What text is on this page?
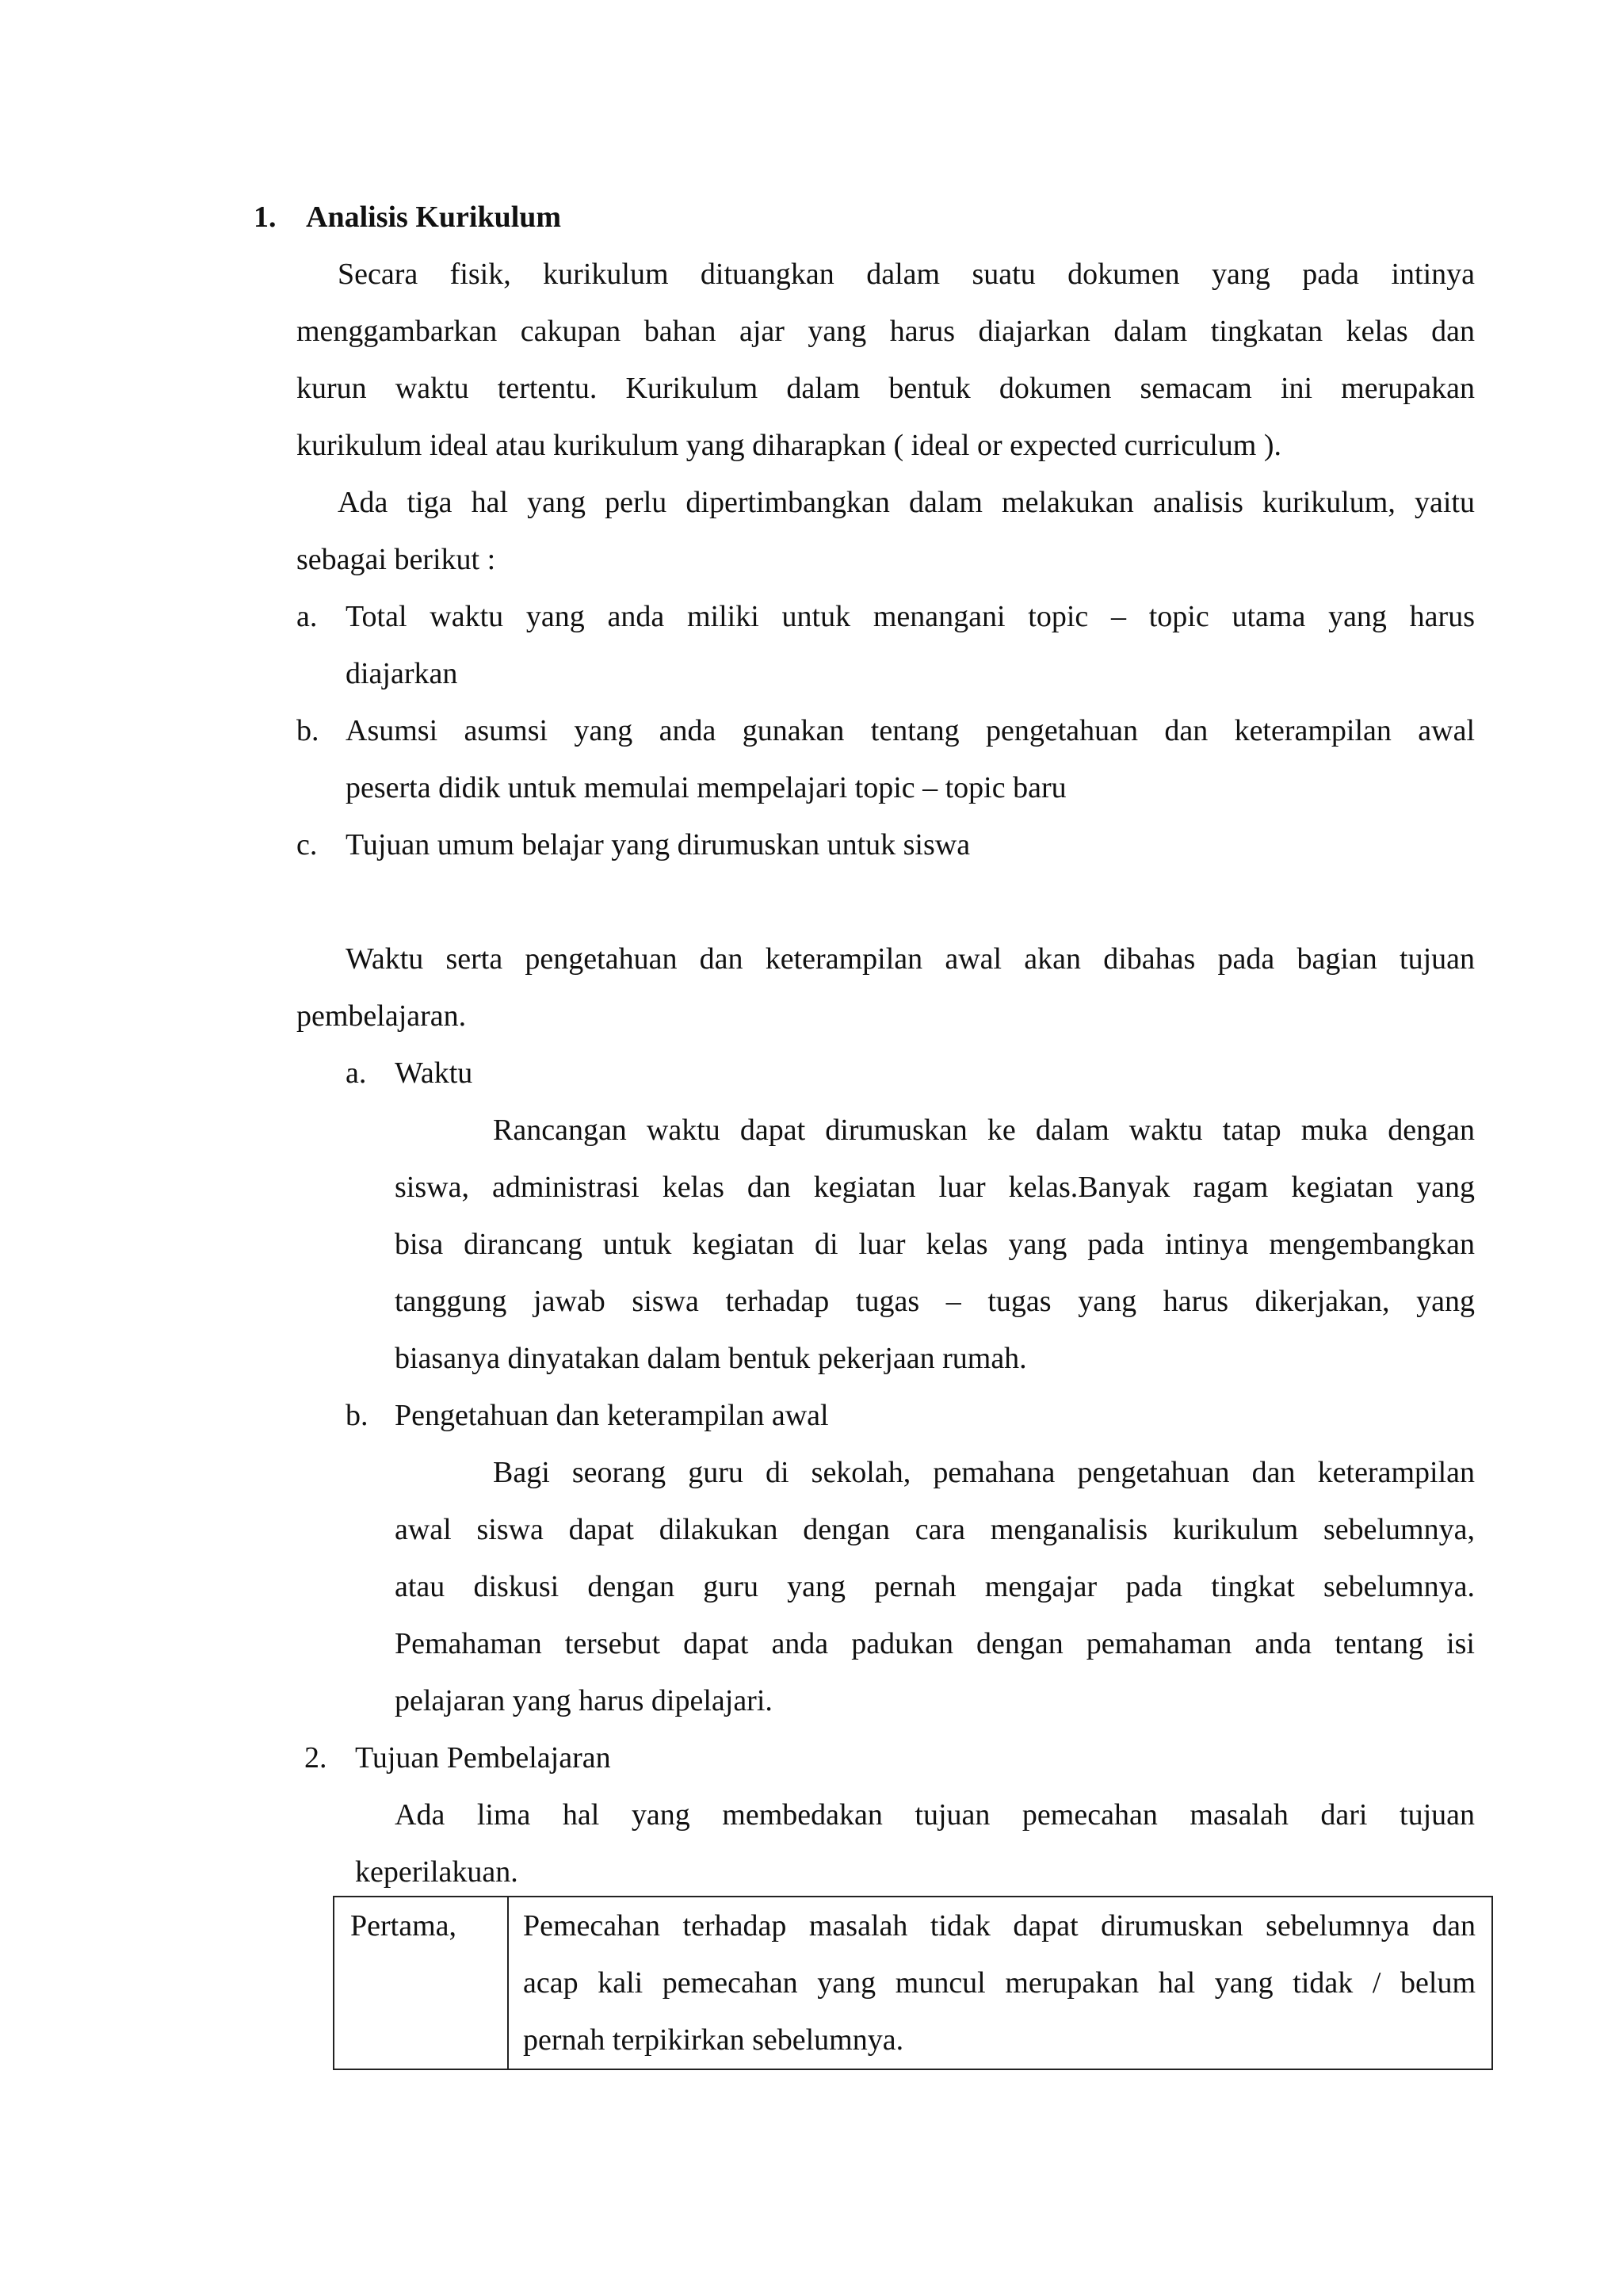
1. Analisis Kurikulum
Secara fisik, kurikulum dituangkan dalam suatu dokumen yang pada intinya
menggambarkan cakupan bahan ajar yang harus diajarkan dalam tingkatan kelas dan
kurun waktu tertentu. Kurikulum dalam bentuk dokumen semacam ini merupakan
kurikulum ideal atau kurikulum yang diharapkan ( ideal or expected curriculum ).
Ada tiga hal yang perlu dipertimbangkan dalam melakukan analisis kurikulum, yaitu
sebagai berikut :
a. Total waktu yang anda miliki untuk menangani topic – topic utama yang harus
diajarkan
b. Asumsi asumsi yang anda gunakan tentang pengetahuan dan keterampilan awal
peserta didik untuk memulai mempelajari topic – topic baru
c. Tujuan umum belajar yang dirumuskan untuk siswa
Waktu serta pengetahuan dan keterampilan awal akan dibahas pada bagian tujuan
pembelajaran.
a. Waktu
Rancangan waktu dapat dirumuskan ke dalam waktu tatap muka dengan
siswa, administrasi kelas dan kegiatan luar kelas.Banyak ragam kegiatan yang
bisa dirancang untuk kegiatan di luar kelas yang pada intinya mengembangkan
tanggung jawab siswa terhadap tugas – tugas yang harus dikerjakan, yang
biasanya dinyatakan dalam bentuk pekerjaan rumah.
b. Pengetahuan dan keterampilan awal
Bagi seorang guru di sekolah, pemahana pengetahuan dan keterampilan
awal siswa dapat dilakukan dengan cara menganalisis kurikulum sebelumnya,
atau diskusi dengan guru yang pernah mengajar pada tingkat sebelumnya.
Pemahaman tersebut dapat anda padukan dengan pemahaman anda tentang isi
pelajaran yang harus dipelajari.
2. Tujuan Pembelajaran
Ada lima hal yang membedakan tujuan pemecahan masalah dari tujuan
keperilakuan.
Pertama,	Pemecahan terhadap masalah tidak dapat dirumuskan sebelumnya dan
acap kali pemecahan yang muncul merupakan hal yang tidak / belum
pernah terpikirkan sebelumnya.
